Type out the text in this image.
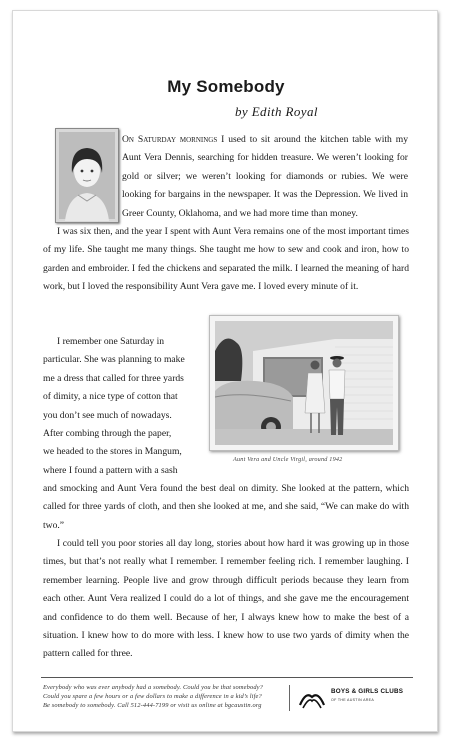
My Somebody
by Edith Royal
On Saturday mornings I used to sit around the kitchen table with my Aunt Vera Dennis, searching for hidden treasure. We weren’t looking for gold or silver; we weren’t looking for diamonds or rubies. We were looking for bargains in the newspaper. It was the Depression. We lived in Greer County, Oklahoma, and we had more time than money.
I was six then, and the year I spent with Aunt Vera remains one of the most important times of my life. She taught me many things. She taught me how to sew and cook and iron, how to garden and embroider. I fed the chickens and separated the milk. I learned the meaning of hard work, but I loved the responsibility Aunt Vera gave me. I loved every minute of it.
I remember one Saturday in
particular. She was planning to make
me a dress that called for three yards
of dimity, a nice type of cotton that
you don’t see much of nowadays.
After combing through the paper,
we headed to the stores in Mangum,
where I found a pattern with a sash
Aunt Vera and Uncle Virgil, around 1942
and smocking and Aunt Vera found the best deal on dimity. She looked at the pattern, which called for three yards of cloth, and then she looked at me, and she said, “We can make do with two.”
I could tell you poor stories all day long, stories about how hard it was growing up in those times, but that’s not really what I remember. I remember feeling rich. I remember laughing. I remember learning. People live and grow through difficult periods because they learn from each other. Aunt Vera realized I could do a lot of things, and she gave me the encouragement and confidence to do them well. Because of her, I always knew how to make the best of a situation. I knew how to do more with less. I knew how to use two yards of dimity when the pattern called for three.
Everybody who was ever anybody had a somebody. Could you be that somebody?
Could you spare a few hours or a few dollars to make a difference in a kid’s life?
Be somebody to somebody. Call 512-444-7199 or visit us online at bgcaustin.org
BOYS & GIRLS CLUBS
OF THE AUSTIN AREA
